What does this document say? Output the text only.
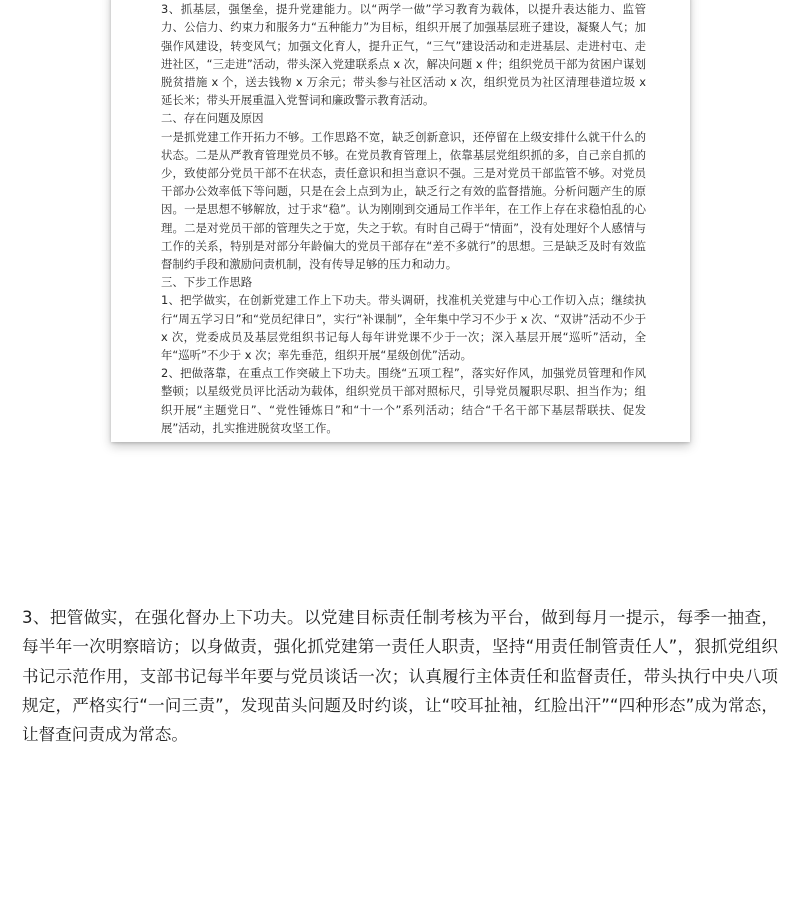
3、抓基层，强堡垒，提升党建能力。以“两学一做”学习教育为载体，以提升表达能力、监管力、公信力、约束力和服务力“五种能力”为目标，组织开展了加强基层班子建设，凝聚人气；加强作风建设，转变风气；加强文化育人，提升正气，“三气”建设活动和走进基层、走进村屯、走进社区，“三走进”活动，带头深入党建联系点 x 次，解决问题 x 件；组织党员干部为贫困户谋划脱贫措施 x 个，送去钱物 x 万余元；带头参与社区活动 x 次，组织党员为社区清理巷道垃圾 x 延长米；带头开展重温入党誓词和廉政警示教育活动。

二、存在问题及原因

一是抓党建工作开拓力不够。工作思路不宽，缺乏创新意识，还停留在上级安排什么就干什么的状态。二是从严教育管理党员不够。在党员教育管理上，依靠基层党组织抓的多，自己亲自抓的少，致使部分党员干部不在状态，责任意识和担当意识不强。三是对党员干部监管不够。对党员干部办公效率低下等问题，只是在会上点到为止，缺乏行之有效的监督措施。分析问题产生的原因。一是思想不够解放，过于求“稳”。认为刚刚到交通局工作半年，在工作上存在求稳怕乱的心理。二是对党员干部的管理失之于宽，失之于软。有时自己碍于“情面”，没有处理好个人感情与工作的关系，特别是对部分年龄偏大的党员干部存在“差不多就行”的思想。三是缺乏及时有效监督制约手段和激励问责机制，没有传导足够的压力和动力。

三、下步工作思路

1、把学做实，在创新党建工作上下功夫。带头调研，找准机关党建与中心工作切入点；继续执行“周五学习日”和“党员纪律日”，实行“补课制”，全年集中学习不少于 x 次、“双讲”活动不少于 x 次，党委成员及基层党组织书记每人每年讲党课不少于一次；深入基层开展“巡听”活动，全年“巡听”不少于 x 次；率先垂范，组织开展“星级创优”活动。

2、把做落靠，在重点工作突破上下功夫。围绕“五项工程”，落实好作风，加强党员管理和作风整顿；以星级党员评比活动为载体，组织党员干部对照标尺，引导党员履职尽职、担当作为；组织开展“主题党日”、“党性锤炼日”和“十一个”系列活动；结合“千名干部下基层帮联扶、促发展”活动，扎实推进脱贫攻坚工作。

3、把管做实，在强化督办上下功夫。以党建目标责任制考核为平台，做到每月一提示，每季一抽查，每半年一次明察暗访；以身做责，强化抓党建第一责任人职责，坚持“用责任制管责任人”，狠抓党组织书记示范作用，支部书记每半年要与党员谈话一次；认真履行主体责任和监督责任，带头执行中央八项规定，严格实行“一问三责”，发现苗头问题及时约谈，让“咬耳扯袖，红脸出汗”“四种形态”成为常态，让督查问责成为常态。
